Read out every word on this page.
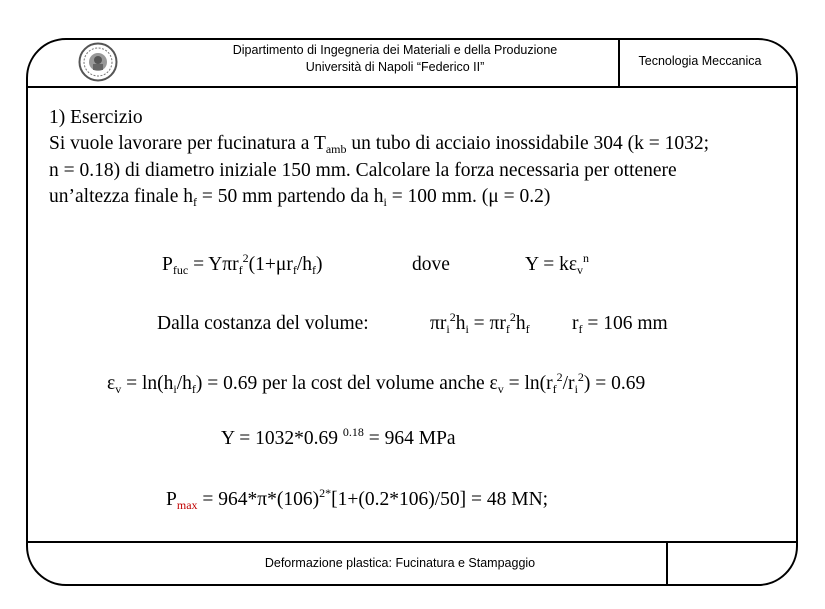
Dipartimento di Ingegneria dei Materiali e della Produzione
Università di Napoli “Federico II”	Tecnologia Meccanica
1) Esercizio
Si vuole lavorare per fucinatura a $T_{amb}$ un tubo di acciaio inossidabile 304 (k = 1032;
n = 0.18) di diametro iniziale 150 mm. Calcolare la forza necessaria per ottenere
un’altezza finale $h_f = 50$ mm partendo da $h_i = 100$ mm. (μ = 0.2)
$P_{fuc} = Y\pi r_f^2(1+\mu r_f/h_f)$	dove	$Y = k\varepsilon_v^n$
Dalla costanza del volume:	$\pi r_i^2h_i = \pi r_f^2h_f$ $r_f = 106$ mm
$\varepsilon_v = \ln(h_i/h_f) = 0.69$ per la cost del volume anche $\varepsilon_v = \ln(r_f^2/r_i^2) = 0.69$
Y = 1032*0.69 $^{0.18}$ = 964 MPa
$P_{max} = 964*\pi*(106)^{2*}[1+(0.2*106)/50] = 48$ MN;
Deformazione plastica: Fucinatura e Stampaggio
